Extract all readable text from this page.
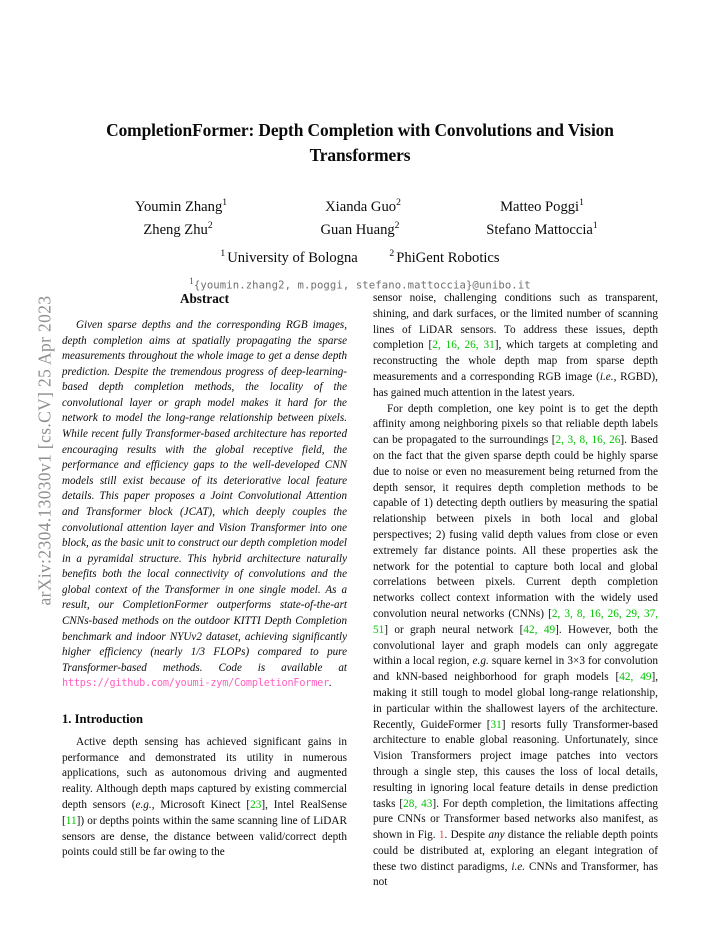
arXiv:2304.13030v1 [cs.CV] 25 Apr 2023
CompletionFormer: Depth Completion with Convolutions and Vision Transformers
Youmin Zhang$^1$	Xianda Guo$^2$	Matteo Poggi$^1$
Zheng Zhu$^2$	Guan Huang$^2$	Stefano Mattoccia$^1$
$^1$ University of Bologna	$^2$ PhiGent Robotics
$^1${youmin.zhang2, m.poggi, stefano.mattoccia}@unibo.it
Abstract

Given sparse depths and the corresponding RGB images, depth completion aims at spatially propagating the sparse measurements throughout the whole image to get a dense depth prediction. Despite the tremendous progress of deep-learning-based depth completion methods, the locality of the convolutional layer or graph model makes it hard for the network to model the long-range relationship between pixels. While recent fully Transformer-based architecture has reported encouraging results with the global receptive field, the performance and efficiency gaps to the well-developed CNN models still exist because of its deteriorative local feature details. This paper proposes a Joint Convolutional Attention and Transformer block (JCAT), which deeply couples the convolutional attention layer and Vision Transformer into one block, as the basic unit to construct our depth completion model in a pyramidal structure. This hybrid architecture naturally benefits both the local connectivity of convolutions and the global context of the Transformer in one single model. As a result, our CompletionFormer outperforms state-of-the-art CNNs-based methods on the outdoor KITTI Depth Completion benchmark and indoor NYUv2 dataset, achieving significantly higher efficiency (nearly 1/3 FLOPs) compared to pure Transformer-based methods. Code is available at https://github.com/youmi-zym/CompletionFormer.

1. Introduction

Active depth sensing has achieved significant gains in performance and demonstrated its utility in numerous applications, such as autonomous driving and augmented reality. Although depth maps captured by existing commercial depth sensors (e.g., Microsoft Kinect [23], Intel RealSense [11]) or depths points within the same scanning line of LiDAR sensors are dense, the distance between valid/correct depth points could still be far owing to the

sensor noise, challenging conditions such as transparent, shining, and dark surfaces, or the limited number of scanning lines of LiDAR sensors. To address these issues, depth completion [2, 16, 26, 31], which targets at completing and reconstructing the whole depth map from sparse depth measurements and a corresponding RGB image (i.e., RGBD), has gained much attention in the latest years.

For depth completion, one key point is to get the depth affinity among neighboring pixels so that reliable depth labels can be propagated to the surroundings [2, 3, 8, 16, 26]. Based on the fact that the given sparse depth could be highly sparse due to noise or even no measurement being returned from the depth sensor, it requires depth completion methods to be capable of 1) detecting depth outliers by measuring the spatial relationship between pixels in both local and global perspectives; 2) fusing valid depth values from close or even extremely far distance points. All these properties ask the network for the potential to capture both local and global correlations between pixels. Current depth completion networks collect context information with the widely used convolution neural networks (CNNs) [2, 3, 8, 16, 26, 29, 37, 51] or graph neural network [42, 49]. However, both the convolutional layer and graph models can only aggregate within a local region, e.g. square kernel in 3×3 for convolution and kNN-based neighborhood for graph models [42, 49], making it still tough to model global long-range relationship, in particular within the shallowest layers of the architecture. Recently, GuideFormer [31] resorts fully Transformer-based architecture to enable global reasoning. Unfortunately, since Vision Transformers project image patches into vectors through a single step, this causes the loss of local details, resulting in ignoring local feature details in dense prediction tasks [28, 43]. For depth completion, the limitations affecting pure CNNs or Transformer based networks also manifest, as shown in Fig. 1. Despite any distance the reliable depth points could be distributed at, exploring an elegant integration of these two distinct paradigms, i.e. CNNs and Transformer, has not
